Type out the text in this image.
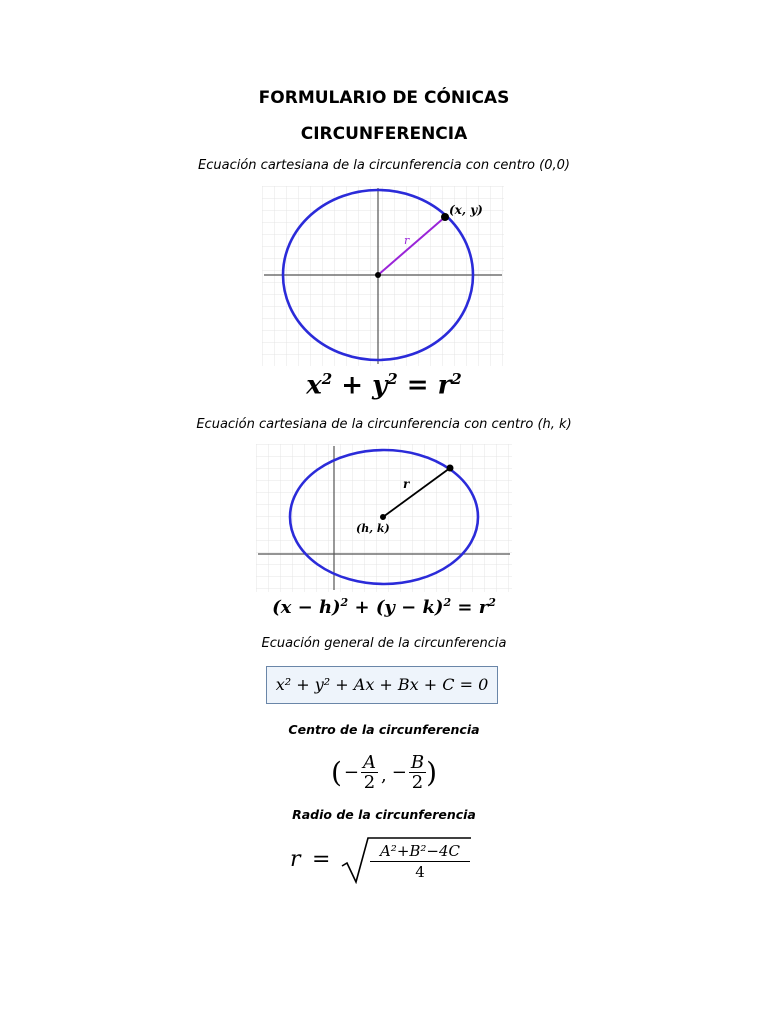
FORMULARIO DE CÓNICAS
CIRCUNFERENCIA
Ecuación cartesiana de la circunferencia con centro (0,0)
(x, y)
r
$x^2 + y^2 = r^2$
Ecuación cartesiana de la circunferencia con centro (h, k)
r
(h, k)
$(x - h)^2 + (y - k)^2 = r^2$
Ecuación general de la circunferencia
x² + y² + Ax + Bx + C = 0
Centro de la circunferencia
( − $\frac{A}{2}$ , − $\frac{B}{2}$ )
Radio de la circunferencia
r =	$\frac{\text{A²+B²−4C}}{4}$
